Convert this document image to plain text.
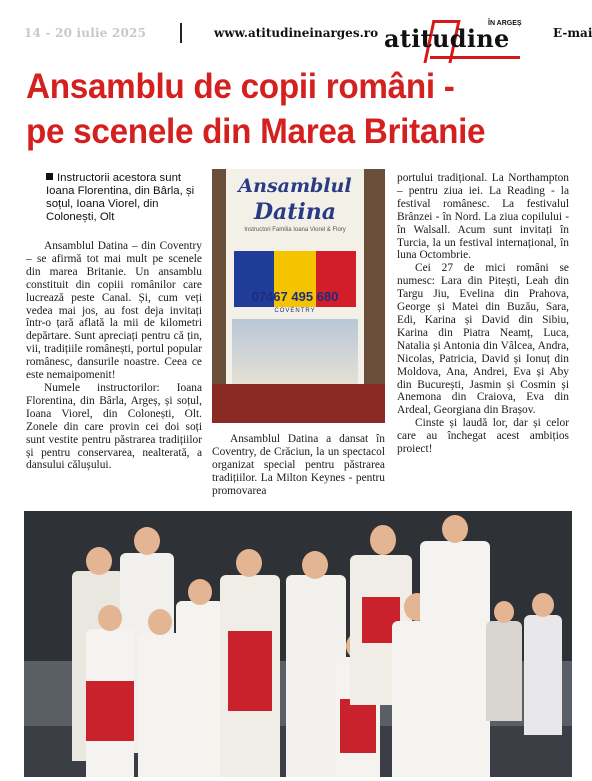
14 - 20 iulie 2025	www.atitudineinarges.ro atitudine
ÎN ARGEȘ
E-mai
Ansamblu de copii români -
pe scenele din Marea Britanie
Instructorii acestora sunt Ioana Florentina, din Bârla, și soțul, Ioana Viorel, din Colonești, Olt

Ansamblul Datina – din Coventry – se afirmă tot mai mult pe scenele din marea Britanie. Un ansamblu constituit din copiii românilor care lucrează peste Canal. Și, cum veți vedea mai jos, au fost deja invitați într-o țară aflată la mii de kilometri depărtare. Sunt apreciați pentru că țin, vii, tradițiile românești, portul popular românesc, dansurile noastre. Ceea ce este nemaipomenit!

Numele instructorilor: Ioana Florentina, din Bârla, Argeș, și soțul, Ioana Viorel, din Colonești, Olt. Zonele din care provin cei doi soți sunt vestite pentru păstrarea tradițiilor și pentru conservarea, nealterată, a dansului călușului.

Ansamblul
Datina
Instructori Familia Ioana Viorel & Flory
07467 495 680
COVENTRY

Ansamblul Datina a dansat în Coventry, de Crăciun, la un spectacol organizat special pentru păstrarea tradițiilor. La Milton Keynes - pentru promovarea

portului tradițional. La Northampton – pentru ziua iei. La Reading - la festival românesc. La festivalul Brânzei - în Nord. La ziua copilului - în Walsall. Acum sunt invitați în Turcia, la un festival internațional, în luna Octombrie.

Cei 27 de mici români se numesc: Lara din Pitești, Leah din Targu Jiu, Evelina din Prahova, George și Matei din Buzău, Sara, Edi, Karina și David din Sibiu, Karina din Piatra Neamț, Luca, Natalia și Antonia din Vâlcea, Andra, Nicolas, Patricia, David și Ionuț din Moldova, Ana, Andrei, Eva și Aby din București, Jasmin și Cosmin și Anemona din Craiova, Eva din Ardeal, Georgiana din Brașov.

Cinste și laudă lor, dar și celor care au închegat acest ambițios proiect!
